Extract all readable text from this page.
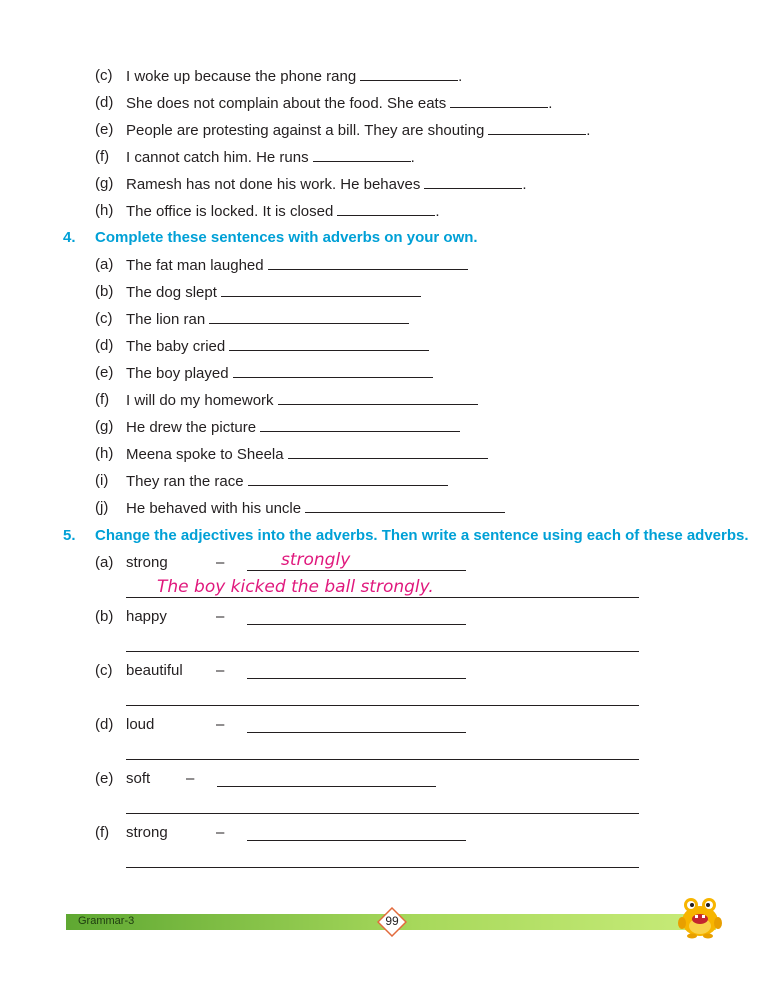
(c) I woke up because the phone rang	.
(d) She does not complain about the food. She eats	.
(e) People are protesting against a bill. They are shouting	.
(f) I cannot catch him. He runs	.
(g) Ramesh has not done his work. He behaves	.
(h) The office is locked. It is closed	.
4. Complete these sentences with adverbs on your own.
(a) The fat man laughed
(b) The dog slept
(c) The lion ran
(d) The baby cried
(e) The boy played
(f) I will do my homework
(g) He drew the picture
(h) Meena spoke to Sheela
(i) They ran the race
(j) He behaved with his uncle
5. Change the adjectives into the adverbs. Then write a sentence using each of these adverbs.
(a) strong	–	strongly
The boy kicked the ball strongly.
(b) happy	–
(c) beautiful –
(d) loud	–
(e) soft –
(f) strong	–
Grammar-3	99
